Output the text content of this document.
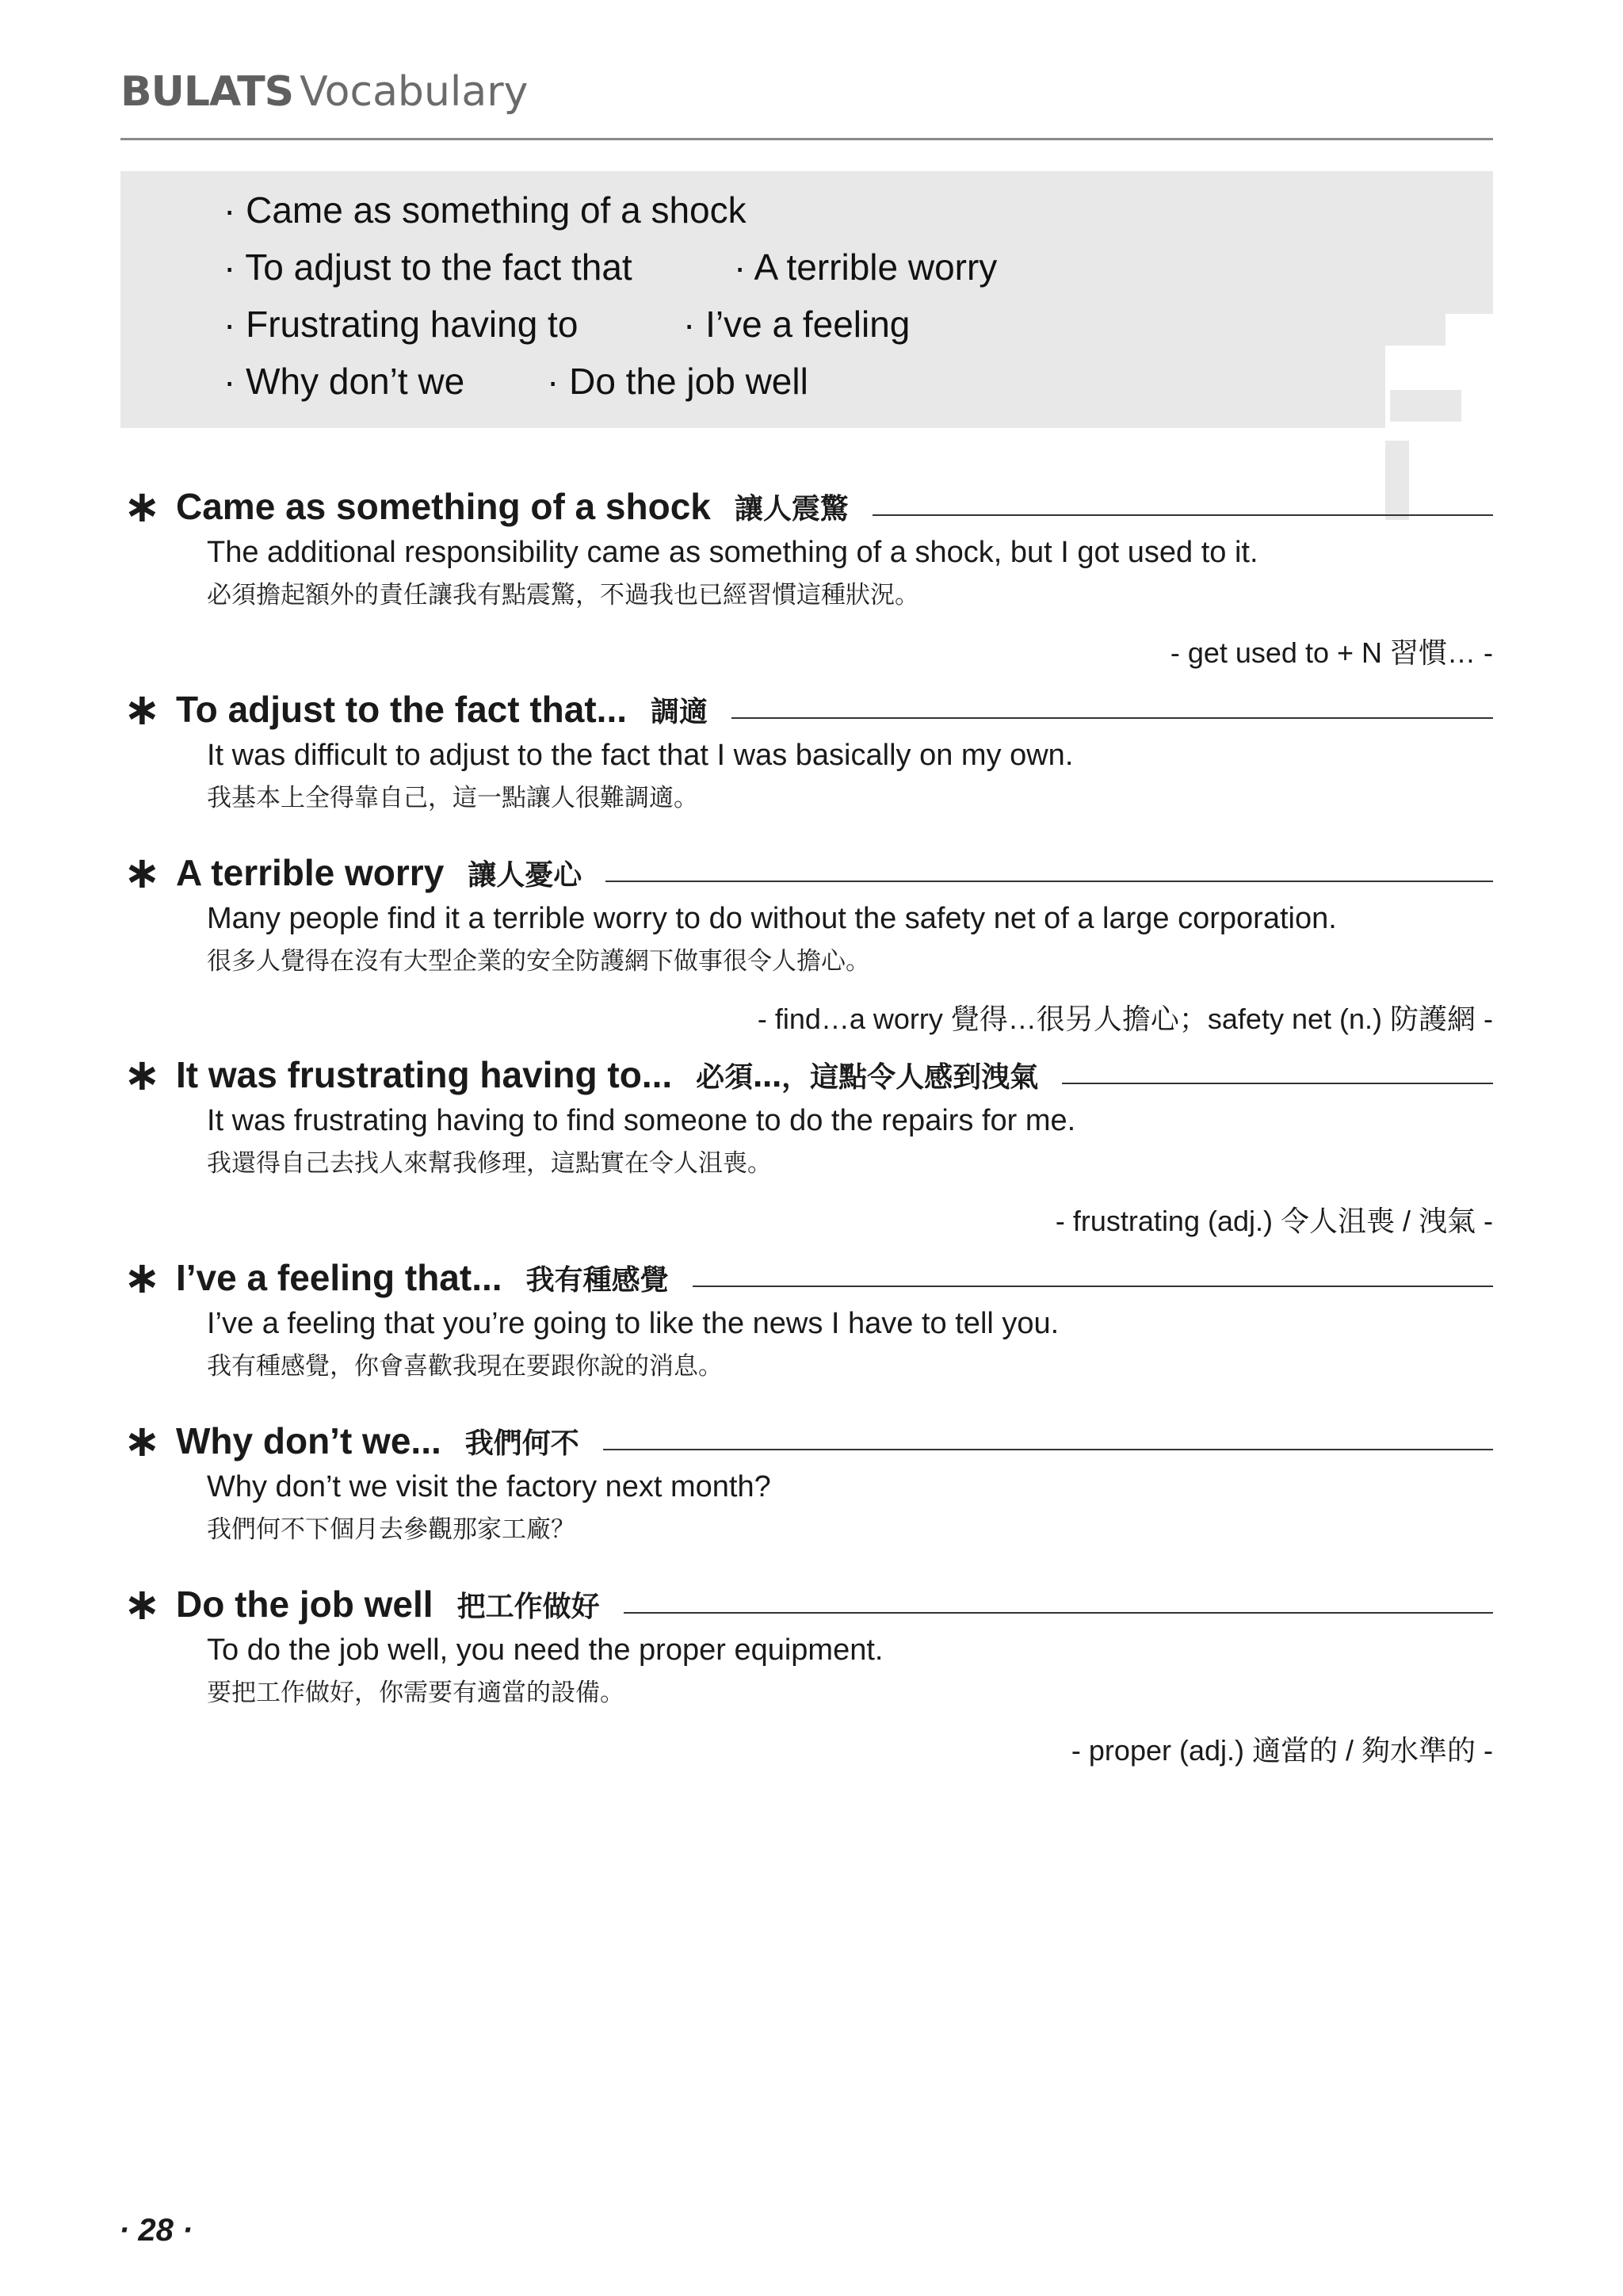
BULATS Vocabulary
· Came as something of a shock
· To adjust to the fact that	· A terrible worry
· Frustrating having to	· I’ve a feeling
· Why don’t we · Do the job well
∗ Came as something of a shock 讓人震驚
The additional responsibility came as something of a shock, but I got used to it.
必須擔起額外的責任讓我有點震驚，不過我也已經習慣這種狀況。
- get used to + N 習慣… -
∗ To adjust to the fact that... 調適
It was difficult to adjust to the fact that I was basically on my own.
我基本上全得靠自己，這一點讓人很難調適。
∗ A terrible worry 讓人憂心
Many people find it a terrible worry to do without the safety net of a large corporation.
很多人覺得在沒有大型企業的安全防護網下做事很令人擔心。
- find…a worry 覺得…很另人擔心；safety net (n.) 防護網 -
∗ It was frustrating having to... 必須…，這點令人感到洩氣
It was frustrating having to find someone to do the repairs for me.
我還得自己去找人來幫我修理，這點實在令人沮喪。
- frustrating (adj.) 令人沮喪 / 洩氣 -
∗ I’ve a feeling that... 我有種感覺
I’ve a feeling that you’re going to like the news I have to tell you.
我有種感覺，你會喜歡我現在要跟你說的消息。
∗ Why don’t we... 我們何不
Why don’t we visit the factory next month?
我們何不下個月去參觀那家工廠？
∗ Do the job well 把工作做好
To do the job well, you need the proper equipment.
要把工作做好，你需要有適當的設備。
- proper (adj.) 適當的 / 夠水準的 -
· 28 ·
